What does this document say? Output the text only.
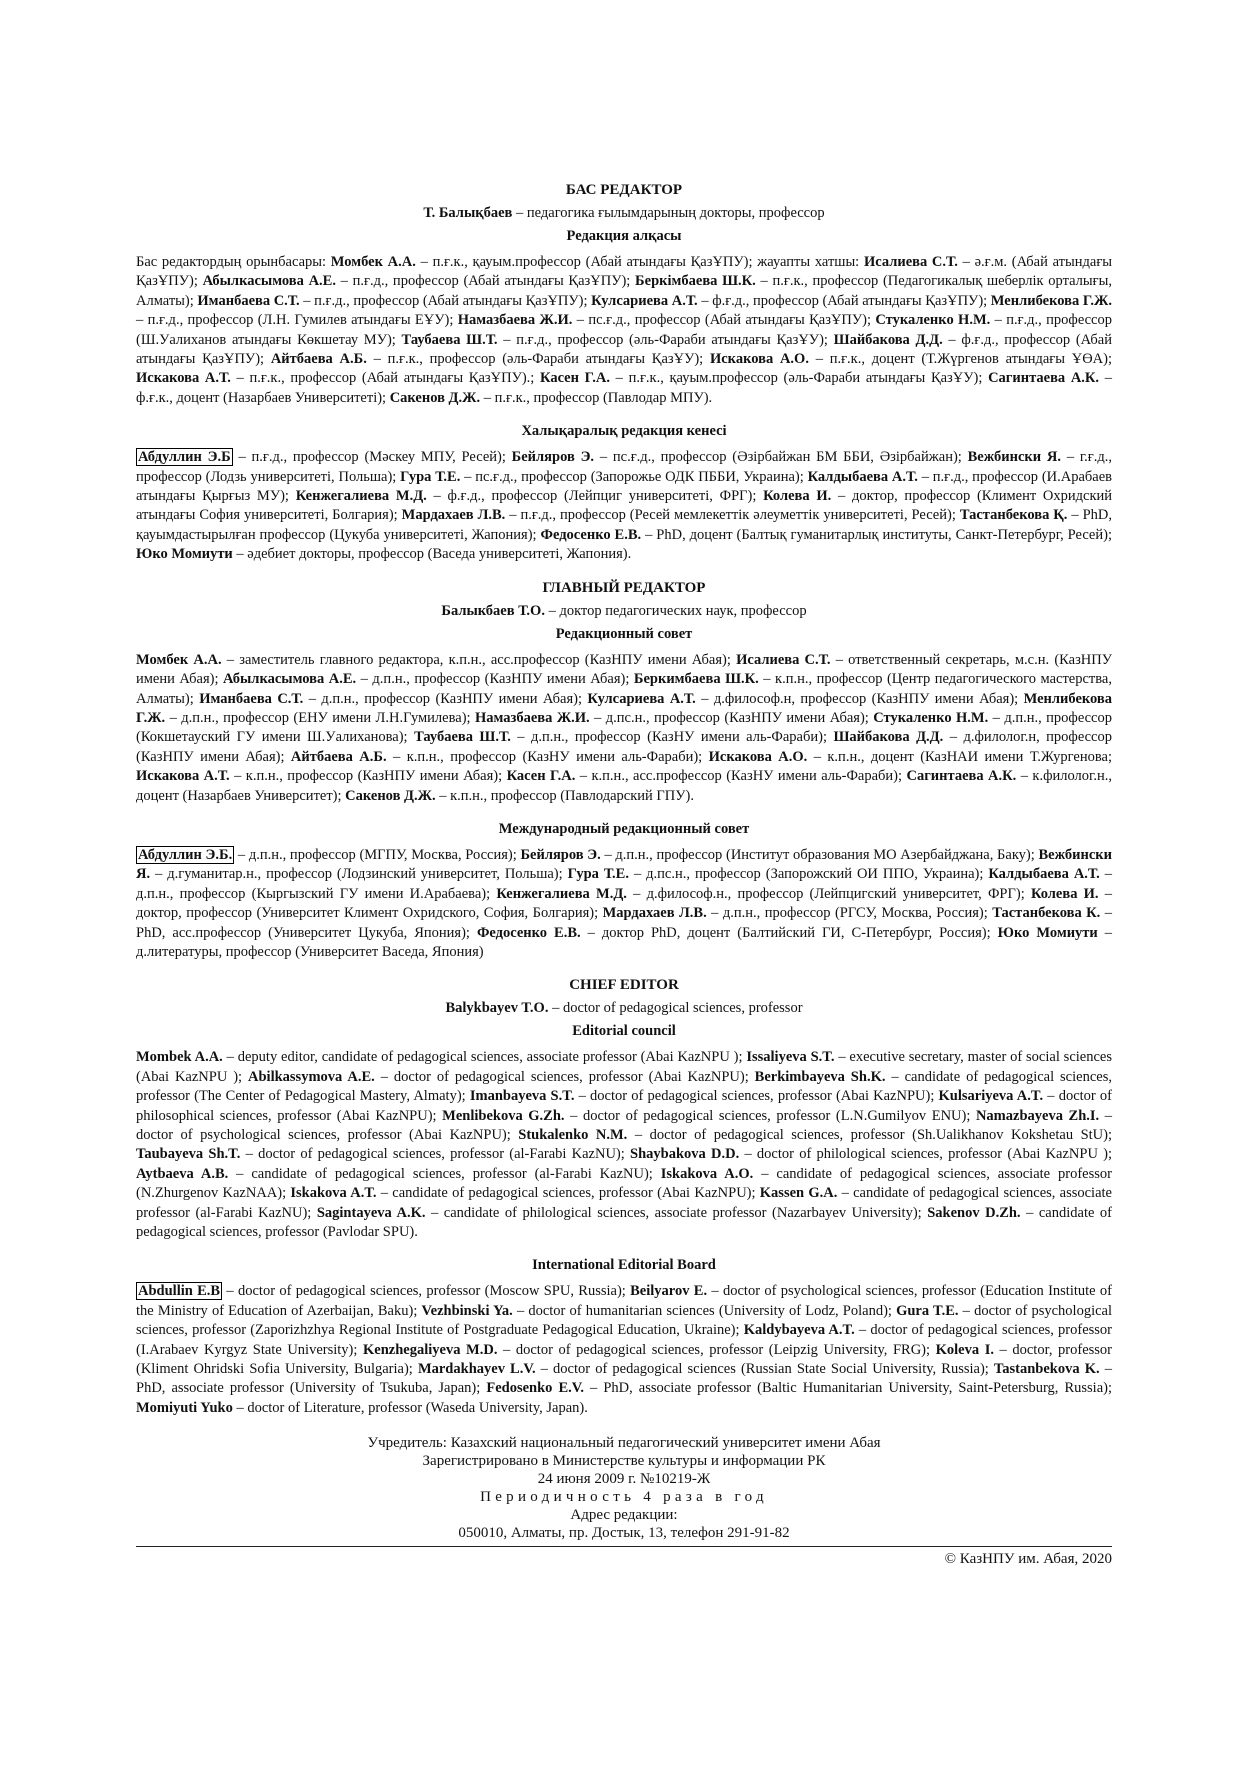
БАС РЕДАКТОР
Т. Балықбаев – педагогика ғылымдарының докторы, профессор
Редакция алқасы

Бас редактордың орынбасары: Момбек А.А. – п.ғ.к., қауым.профессор (Абай атындағы ҚазҰПУ); жауапты хатшы: Исалиева С.Т. – ә.ғ.м. (Абай атындағы ҚазҰПУ); Абылкасымова А.Е. – п.ғ.д., профессор (Абай атындағы ҚазҰПУ); Беркімбаева Ш.К. – п.ғ.к., профессор (Педагогикалық шеберлік орталығы, Алматы); Иманбаева С.Т. – п.ғ.д., профессор (Абай атындағы ҚазҰПУ); Кулсариева А.Т. – ф.ғ.д., профессор (Абай атындағы ҚазҰПУ); Менлибекова Г.Ж. – п.ғ.д., профессор (Л.Н. Гумилев атындағы ЕҰУ); Намазбаева Ж.И. – пс.ғ.д., профессор (Абай атындағы ҚазҰПУ); Стукаленко Н.М. – п.ғ.д., профессор (Ш.Уалиханов атындағы Көкшетау МУ); Таубаева Ш.Т. – п.ғ.д., профессор (әль-Фараби атындағы ҚазҰУ); Шайбакова Д.Д. – ф.ғ.д., профессор (Абай атындағы ҚазҰПУ); Айтбаева А.Б. – п.ғ.к., профессор (әль-Фараби атындағы ҚазҰУ); Искакова А.О. – п.ғ.к., доцент (Т.Жүргенов атындағы ҰӨА); Искакова А.Т. – п.ғ.к., профессор (Абай атындағы ҚазҰПУ).; Касен Г.А. – п.ғ.к., қауым.профессор (әль-Фараби атындағы ҚазҰУ); Сагинтаева А.К. – ф.ғ.к., доцент (Назарбаев Университеті); Сакенов Д.Ж. – п.ғ.к., профессор (Павлодар МПУ).

Халықаралық редакция кенесі

Абдуллин Э.Б – п.ғ.д., профессор (Мәскеу МПУ, Ресей); Бейляров Э. – пс.ғ.д., профессор (Әзірбайжан БМ ББИ, Әзірбайжан); Вежбински Я. – г.ғ.д., профессор (Лодзь университеті, Польша); Гура Т.Е. – пс.ғ.д., профессор (Запорожье ОДК ПББИ, Украина); Калдыбаева А.Т. – п.ғ.д., профессор (И.Арабаев атындағы Қырғыз МУ); Кенжегалиева М.Д. – ф.ғ.д., профессор (Лейпциг университеті, ФРГ); Колева И. – доктор, профессор (Климент Охридский атындағы София университеті, Болгария); Мардахаев Л.В. – п.ғ.д., профессор (Ресей мемлекеттік әлеуметтік университеті, Ресей); Тастанбекова Қ. – PhD, қауымдастырылған профессор (Цукуба университеті, Жапония); Федосенко Е.В. – PhD, доцент (Балтық гуманитарлық институты, Санкт-Петербург, Ресей); Юко Момиути – әдебиет докторы, профессор (Васеда университеті, Жапония).

ГЛАВНЫЙ РЕДАКТОР
Балыкбаев Т.О. – доктор педагогических наук, профессор
Редакционный совет

Момбек А.А. – заместитель главного редактора, к.п.н., асс.профессор (КазНПУ имени Абая); Исалиева С.Т. – ответственный секретарь, м.с.н. (КазНПУ имени Абая); Абылкасымова А.Е. – д.п.н., профессор (КазНПУ имени Абая); Беркимбаева Ш.К. – к.п.н., профессор (Центр педагогического мастерства, Алматы); Иманбаева С.Т. – д.п.н., профессор (КазНПУ имени Абая); Кулсариева А.Т. – д.философ.н, профессор (КазНПУ имени Абая); Менлибекова Г.Ж. – д.п.н., профессор (ЕНУ имени Л.Н.Гумилева); Намазбаева Ж.И. – д.пс.н., профессор (КазНПУ имени Абая); Стукаленко Н.М. – д.п.н., профессор (Кокшетауский ГУ имени Ш.Уалиханова); Таубаева Ш.Т. – д.п.н., профессор (КазНУ имени аль-Фараби); Шайбакова Д.Д. – д.филолог.н, профессор (КазНПУ имени Абая); Айтбаева А.Б. – к.п.н., профессор (КазНУ имени аль-Фараби); Искакова А.О. – к.п.н., доцент (КазНАИ имени Т.Жургенова; Искакова А.Т. – к.п.н., профессор (КазНПУ имени Абая); Касен Г.А. – к.п.н., асс.профессор (КазНУ имени аль-Фараби); Сагинтаева А.К. – к.филолог.н., доцент (Назарбаев Университет); Сакенов Д.Ж. – к.п.н., профессор (Павлодарский ГПУ).

Международный редакционный совет

Абдуллин Э.Б. – д.п.н., профессор (МГПУ, Москва, Россия); Бейляров Э. – д.п.н., профессор (Институт образования МО Азербайджана, Баку); Вежбински Я. – д.гуманитар.н., профессор (Лодзинский университет, Польша); Гура Т.Е. – д.пс.н., профессор (Запорожский ОИ ППО, Украина); Калдыбаева А.Т. – д.п.н., профессор (Кыргызский ГУ имени И.Арабаева); Кенжегалиева М.Д. – д.философ.н., профессор (Лейпцигский университет, ФРГ); Колева И. – доктор, профессор (Университет Климент Охридского, София, Болгария); Мардахаев Л.В. – д.п.н., профессор (РГСУ, Москва, Россия); Тастанбекова К. – PhD, асс.профессор (Университет Цукуба, Япония); Федосенко Е.В. – доктор PhD, доцент (Балтийский ГИ, С-Петербург, Россия); Юко Момиути – д.литературы, профессор (Университет Васеда, Япония)

CHIEF EDITOR
Balykbayev T.O. – doctor of pedagogical sciences, professor
Editorial council

Mombek A.A. – deputy editor, candidate of pedagogical sciences, associate professor (Abai KazNPU ); Issaliyeva S.T. – executive secretary, master of social sciences (Abai KazNPU ); Abilkassymova A.E. – doctor of pedagogical sciences, professor (Abai KazNPU); Berkimbayeva Sh.K. – candidate of pedagogical sciences, professor (The Center of Pedagogical Mastery, Almaty); Imanbayeva S.T. – doctor of pedagogical sciences, professor (Abai KazNPU); Kulsariyeva A.T. – doctor of philosophical sciences, professor (Abai KazNPU); Menlibekova G.Zh. – doctor of pedagogical sciences, professor (L.N.Gumilyov ENU); Namazbayeva Zh.I. – doctor of psychological sciences, professor (Abai KazNPU); Stukalenko N.M. – doctor of pedagogical sciences, professor (Sh.Ualikhanov Kokshetau StU); Taubayeva Sh.T. – doctor of pedagogical sciences, professor (al-Farabi KazNU); Shaybakova D.D. – doctor of philological sciences, professor (Abai KazNPU ); Aytbaeva A.B. – candidate of pedagogical sciences, professor (al-Farabi KazNU); Iskakova A.O. – candidate of pedagogical sciences, associate professor (N.Zhurgenov KazNAA); Iskakova A.T. – candidate of pedagogical sciences, professor (Abai KazNPU); Kassen G.A. – candidate of pedagogical sciences, associate professor (al-Farabi KazNU); Sagintayeva A.K. – candidate of philological sciences, associate professor (Nazarbayev University); Sakenov D.Zh. – candidate of pedagogical sciences, professor (Pavlodar SPU).

International Editorial Board

Abdullin E.B – doctor of pedagogical sciences, professor (Moscow SPU, Russia); Beilyarov E. – doctor of psychological sciences, professor (Education Institute of the Ministry of Education of Azerbaijan, Baku); Vezhbinski Ya. – doctor of humanitarian sciences (University of Lodz, Poland); Gura T.E. – doctor of psychological sciences, professor (Zaporizhzhya Regional Institute of Postgraduate Pedagogical Education, Ukraine); Kaldybayeva A.T. – doctor of pedagogical sciences, professor (I.Arabaev Kyrgyz State University); Kenzhegaliyeva M.D. – doctor of pedagogical sciences, professor (Leipzig University, FRG); Koleva I. – doctor, professor (Kliment Ohridski Sofia University, Bulgaria); Mardakhayev L.V. – doctor of pedagogical sciences (Russian State Social University, Russia); Tastanbekova K. – PhD, associate professor (University of Tsukuba, Japan); Fedosenko E.V. – PhD, associate professor (Baltic Humanitarian University, Saint-Petersburg, Russia); Momiyuti Yuko – doctor of Literature, professor (Waseda University, Japan).

Учредитель: Казахский национальный педагогический университет имени Абая
Зарегистрировано в Министерстве культуры и информации РК
24 июня 2009 г. №10219-Ж
Периодичность 4 раза в год
Адрес редакции:
050010, Алматы, пр. Достык, 13, телефон 291-91-82
© КазНПУ им. Абая, 2020
